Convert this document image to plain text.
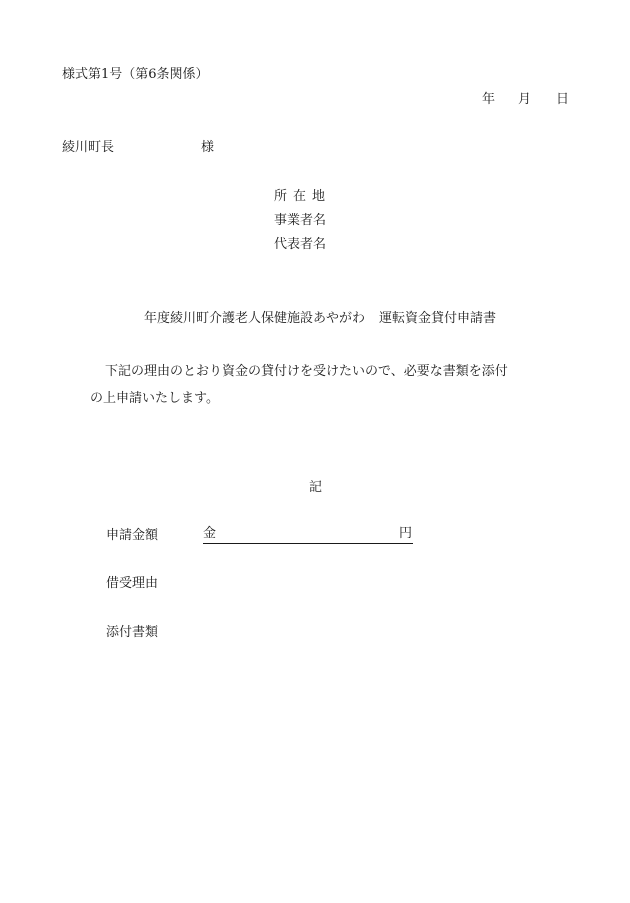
様式第1号（第6条関係）
年 月 日
綾川町長	様
所在地
事業者名
代表者名
年度綾川町介護老人保健施設あやがわ 運転資金貸付申請書

下記の理由のとおり資金の貸付けを受けたいので、必要な書類を添付

の上申請いたします。

記
申請金額	金	円
借受理由
添付書類
